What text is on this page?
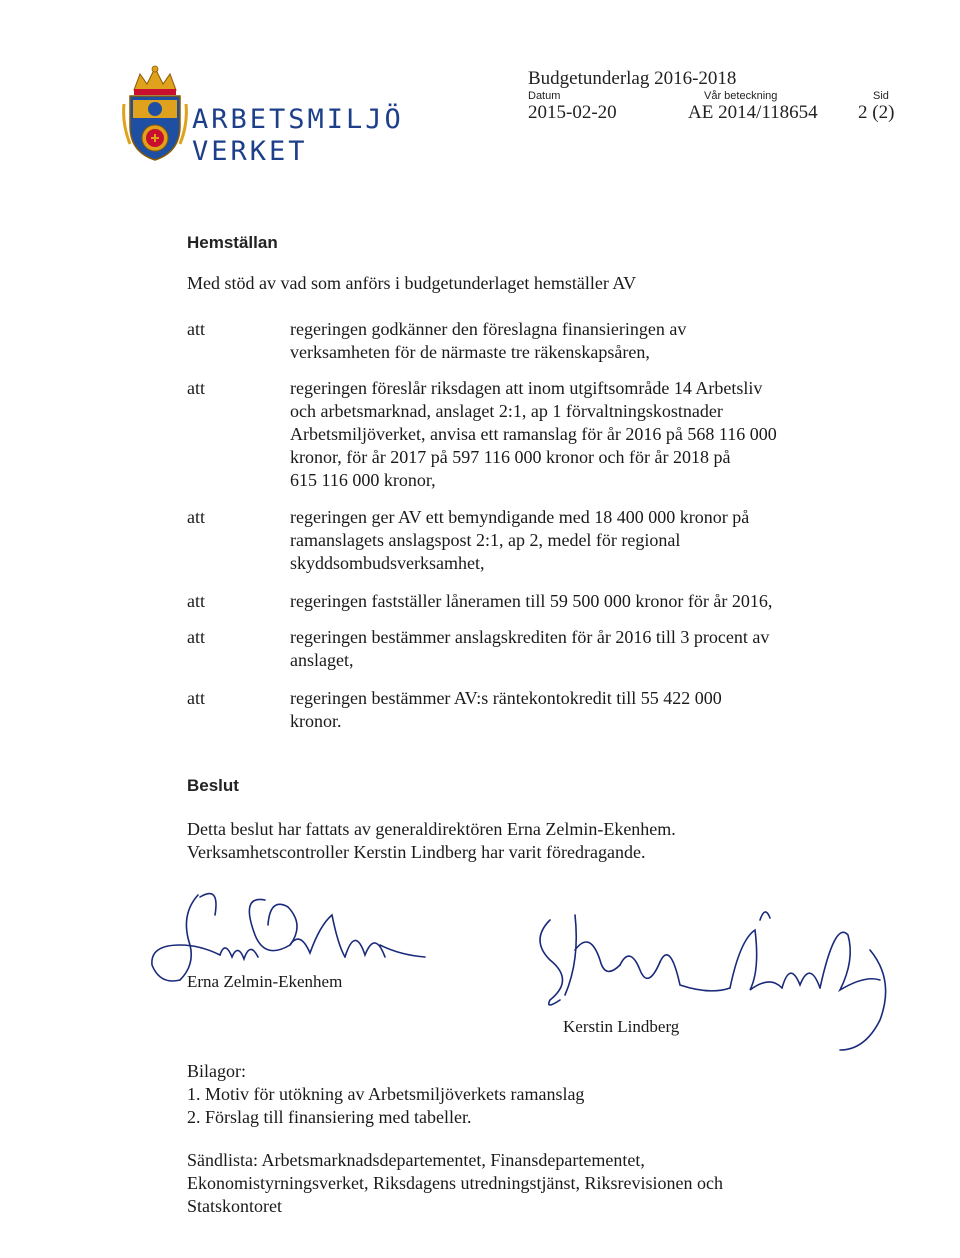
ARBETSMILJÖ
VERKET
Budgetunderlag 2016-2018
Datum	Vår beteckning	Sid
2015-02-20	AE 2014/118654 2 (2)
Hemställan
Med stöd av vad som anförs i budgetunderlaget hemställer AV
att	regeringen godkänner den föreslagna finansieringen av
verksamheten för de närmaste tre räkenskapsåren,
att	regeringen föreslår riksdagen att inom utgiftsområde 14 Arbetsliv
och arbetsmarknad, anslaget 2:1, ap 1 förvaltningskostnader
Arbetsmiljöverket, anvisa ett ramanslag för år 2016 på 568 116 000
kronor, för år 2017 på 597 116 000 kronor och för år 2018 på
615 116 000 kronor,
att	regeringen ger AV ett bemyndigande med 18 400 000 kronor på
ramanslagets anslagspost 2:1, ap 2, medel för regional
skyddsombudsverksamhet,
att	regeringen fastställer låneramen till 59 500 000 kronor för år 2016,
att	regeringen bestämmer anslagskrediten för år 2016 till 3 procent av
anslaget,
att	regeringen bestämmer AV:s räntekontokredit till 55 422 000
kronor.
Beslut
Detta beslut har fattats av generaldirektören Erna Zelmin-Ekenhem.
Verksamhetscontroller Kerstin Lindberg har varit föredragande.
Erna Zelmin-Ekenhem
Kerstin Lindberg
Bilagor:
1. Motiv för utökning av Arbetsmiljöverkets ramanslag
2. Förslag till finansiering med tabeller.
Sändlista: Arbetsmarknadsdepartementet, Finansdepartementet,
Ekonomistyrningsverket, Riksdagens utredningstjänst, Riksrevisionen och
Statskontoret
